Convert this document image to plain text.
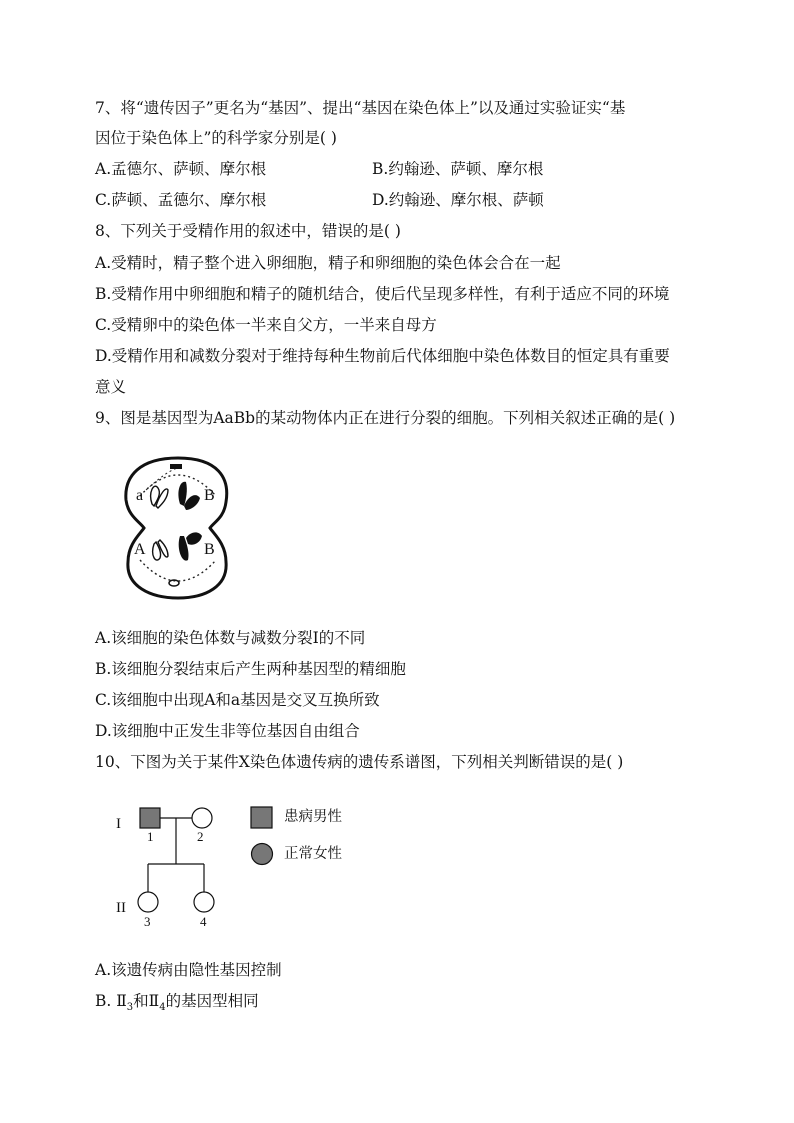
7、将“遗传因子”更名为“基因”、提出“基因在染色体上”以及通过实验证实“基
因位于染色体上”的科学家分别是( )
A.孟德尔、萨顿、摩尔根	B.约翰逊、萨顿、摩尔根
C.萨顿、孟德尔、摩尔根	D.约翰逊、摩尔根、萨顿
8、下列关于受精作用的叙述中，错误的是( )
A.受精时，精子整个进入卵细胞，精子和卵细胞的染色体会合在一起
B.受精作用中卵细胞和精子的随机结合，使后代呈现多样性，有利于适应不同的环境
C.受精卵中的染色体一半来自父方，一半来自母方
D.受精作用和减数分裂对于维持每种生物前后代体细胞中染色体数目的恒定具有重要
意义
9、图是基因型为AaBb的某动物体内正在进行分裂的细胞。下列相关叙述正确的是( )
a	B
A	B
A.该细胞的染色体数与减数分裂Ⅰ的不同
B.该细胞分裂结束后产生两种基因型的精细胞
C.该细胞中出现A和a基因是交叉互换所致
D.该细胞中正发生非等位基因自由组合
10、下图为关于某件X染色体遗传病的遗传系谱图，下列相关判断错误的是( )
I
1	2
II
3	4
患病男性
正常女性
A.该遗传病由隐性基因控制
B. $Ⅱ_3$和$Ⅱ_4$的基因型相同
